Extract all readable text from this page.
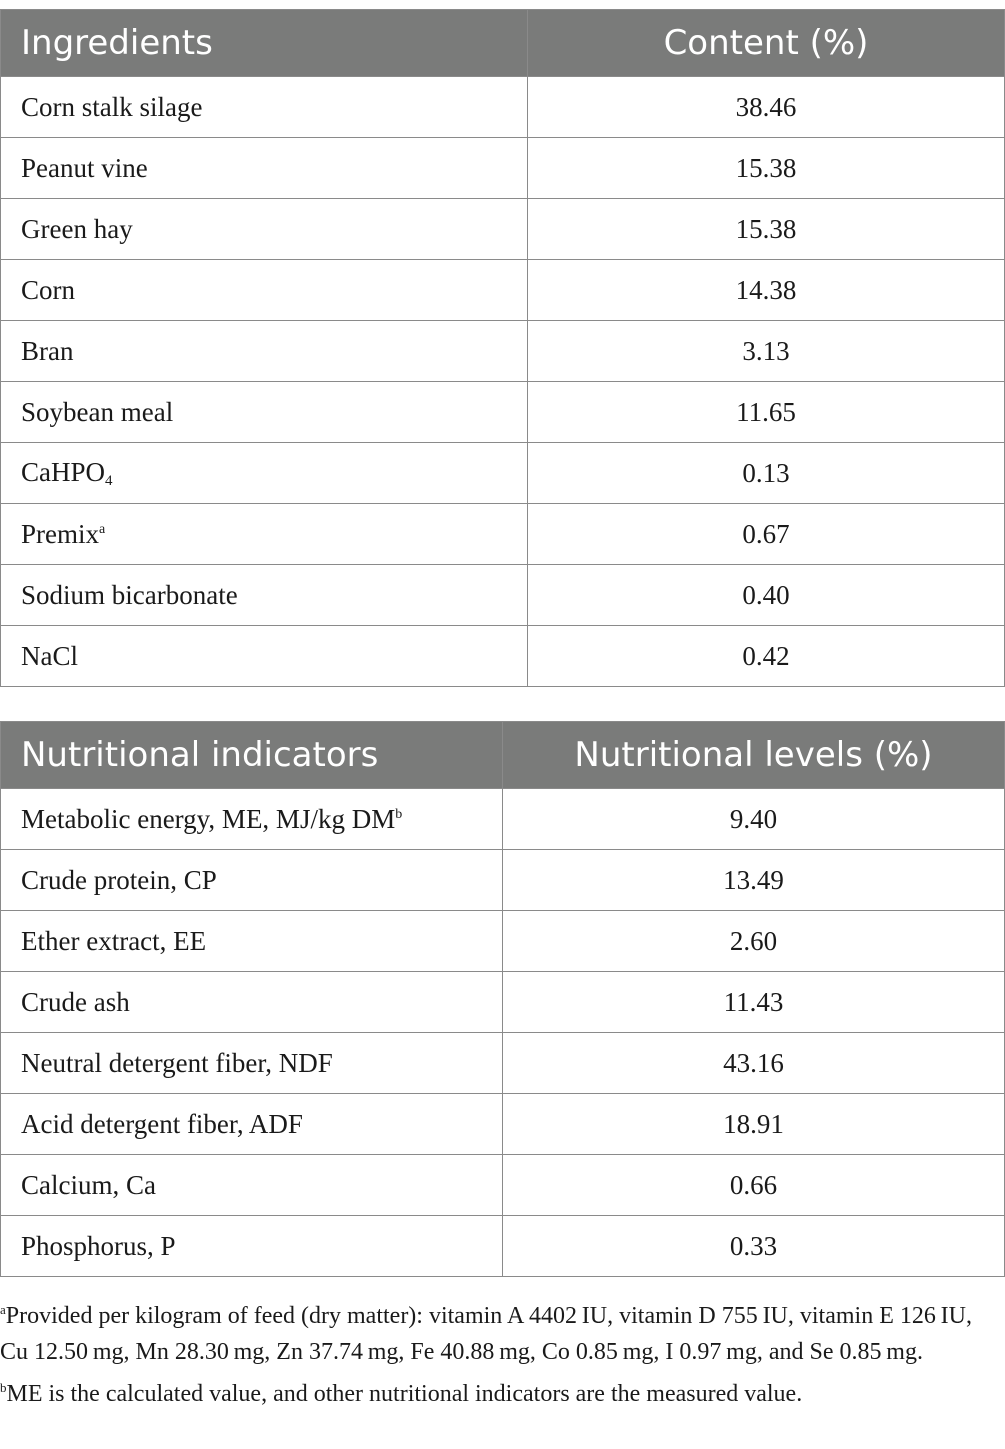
Ingredients	Content (%)
Corn stalk silage	38.46
Peanut vine	15.38
Green hay	15.38
Corn	14.38
Bran	3.13
Soybean meal	11.65
CaHPO$_4$	0.13
Premix$^a$	0.67
Sodium bicarbonate	0.40
NaCl	0.42
Nutritional indicators	Nutritional levels (%)
Metabolic energy, ME, MJ/kg $DM^b$	9.40
Crude protein, CP	13.49
Ether extract, EE	2.60
Crude ash	11.43
Neutral detergent fiber, NDF	43.16
Acid detergent fiber, ADF	18.91
Calcium, Ca	0.66
Phosphorus, P	0.33

$^a$Provided per kilogram of feed (dry matter): vitamin A 4402 IU, vitamin D 755 IU, vitamin E 126 IU, Cu 12.50 mg, Mn 28.30 mg, Zn 37.74 mg, Fe 40.88 mg, Co 0.85 mg, I 0.97 mg, and Se 0.85 mg.

$^b$ME is the calculated value, and other nutritional indicators are the measured value.
